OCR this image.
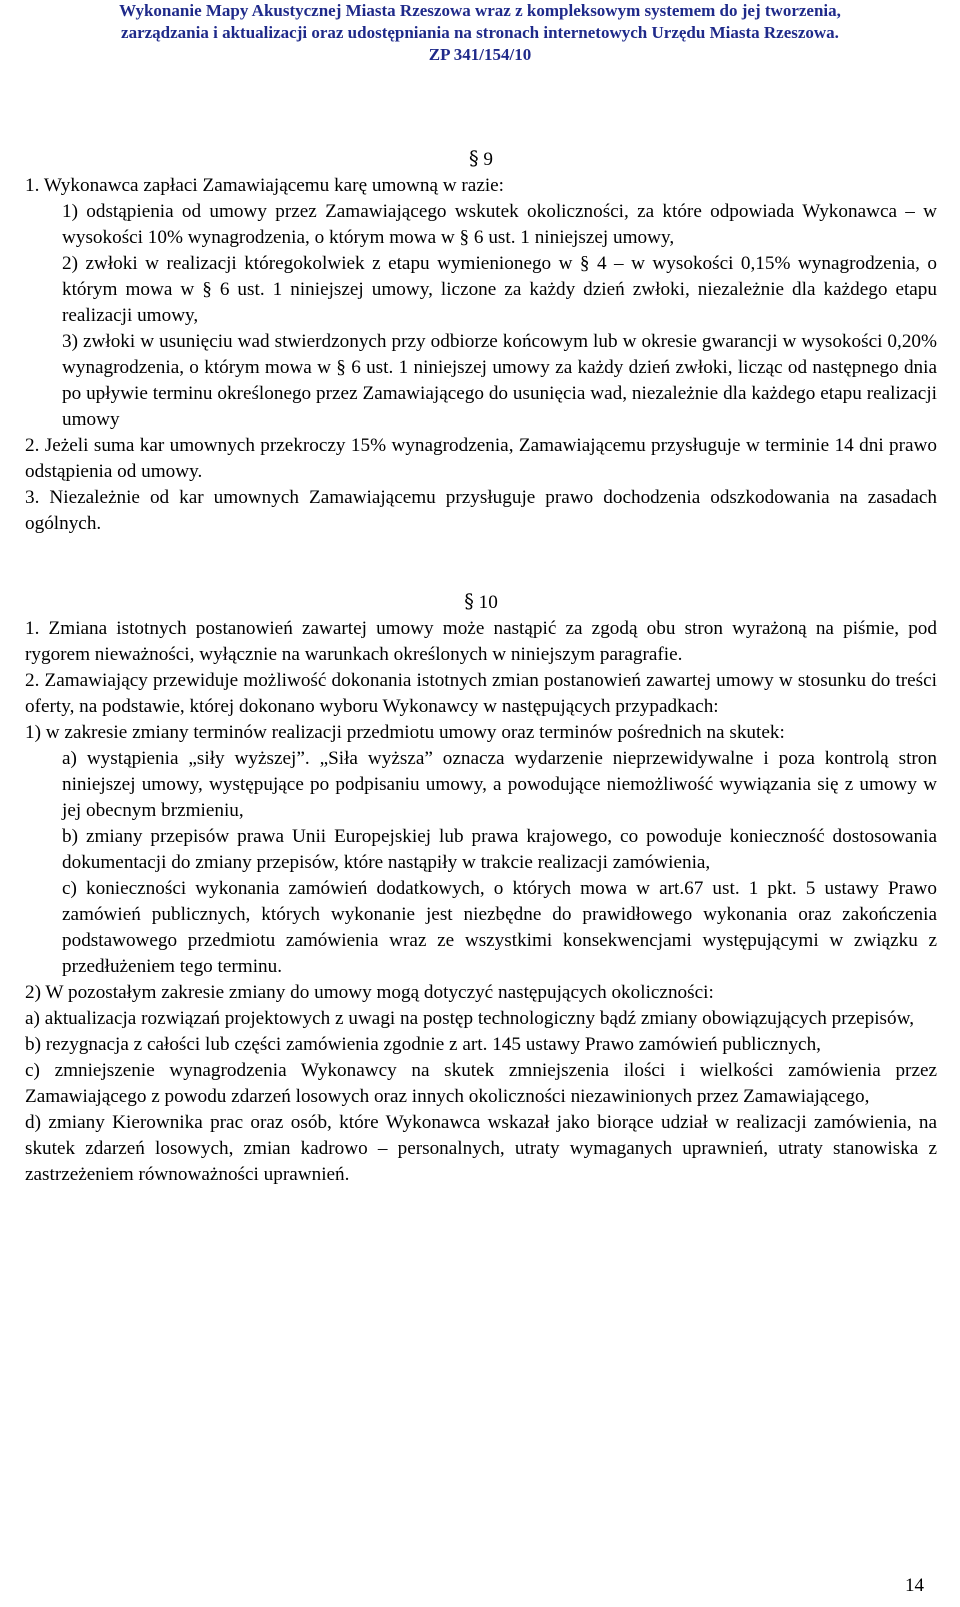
Wykonanie Mapy Akustycznej Miasta Rzeszowa wraz z kompleksowym systemem do jej tworzenia,
zarządzania i aktualizacji oraz udostępniania na stronach internetowych Urzędu Miasta Rzeszowa.
ZP 341/154/10

§ 9

1. Wykonawca zapłaci Zamawiającemu karę umowną w razie:

1) odstąpienia od umowy przez Zamawiającego wskutek okoliczności, za które odpowiada Wykonawca – w wysokości 10% wynagrodzenia, o którym mowa w § 6 ust. 1 niniejszej umowy,

2) zwłoki w realizacji któregokolwiek z etapu wymienionego w § 4 – w wysokości 0,15% wynagrodzenia, o którym mowa w § 6 ust. 1 niniejszej umowy, liczone za każdy dzień zwłoki, niezależnie dla każdego etapu realizacji umowy,

3) zwłoki w usunięciu wad stwierdzonych przy odbiorze końcowym lub w okresie gwarancji w wysokości 0,20% wynagrodzenia, o którym mowa w § 6 ust. 1 niniejszej umowy za każdy dzień zwłoki, licząc od następnego dnia po upływie terminu określonego przez Zamawiającego do usunięcia wad, niezależnie dla każdego etapu realizacji umowy

2. Jeżeli suma kar umownych przekroczy 15% wynagrodzenia, Zamawiającemu przysługuje w terminie 14 dni prawo odstąpienia od umowy.

3. Niezależnie od kar umownych Zamawiającemu przysługuje prawo dochodzenia odszkodowania na zasadach ogólnych.

§ 10

1. Zmiana istotnych postanowień zawartej umowy może nastąpić za zgodą obu stron wyrażoną na piśmie, pod rygorem nieważności, wyłącznie na warunkach określonych w niniejszym paragrafie.

2. Zamawiający przewiduje możliwość dokonania istotnych zmian postanowień zawartej umowy w stosunku do treści oferty, na podstawie, której dokonano wyboru Wykonawcy w następujących przypadkach:

1) w zakresie zmiany terminów realizacji przedmiotu umowy oraz terminów pośrednich na skutek:

a) wystąpienia „siły wyższej”. „Siła wyższa” oznacza wydarzenie nieprzewidywalne i poza kontrolą stron niniejszej umowy, występujące po podpisaniu umowy, a powodujące niemożliwość wywiązania się z umowy w jej obecnym brzmieniu,

b) zmiany przepisów prawa Unii Europejskiej lub prawa krajowego, co powoduje konieczność dostosowania dokumentacji do zmiany przepisów, które nastąpiły w trakcie realizacji zamówienia,

c) konieczności wykonania zamówień dodatkowych, o których mowa w art.67 ust. 1 pkt. 5 ustawy Prawo zamówień publicznych, których wykonanie jest niezbędne do prawidłowego wykonania oraz zakończenia podstawowego przedmiotu zamówienia wraz ze wszystkimi konsekwencjami występującymi w związku z przedłużeniem tego terminu.

2) W pozostałym zakresie zmiany do umowy mogą dotyczyć następujących okoliczności:

a) aktualizacja rozwiązań projektowych z uwagi na postęp technologiczny bądź zmiany obowiązujących przepisów,

b) rezygnacja z całości lub części zamówienia zgodnie z art. 145 ustawy Prawo zamówień publicznych,

c) zmniejszenie wynagrodzenia Wykonawcy na skutek zmniejszenia ilości i wielkości zamówienia przez Zamawiającego z powodu zdarzeń losowych oraz innych okoliczności niezawinionych przez Zamawiającego,

d) zmiany Kierownika prac oraz osób, które Wykonawca wskazał jako biorące udział w realizacji zamówienia, na skutek zdarzeń losowych, zmian kadrowo – personalnych, utraty wymaganych uprawnień, utraty stanowiska z zastrzeżeniem równoważności uprawnień.

14
